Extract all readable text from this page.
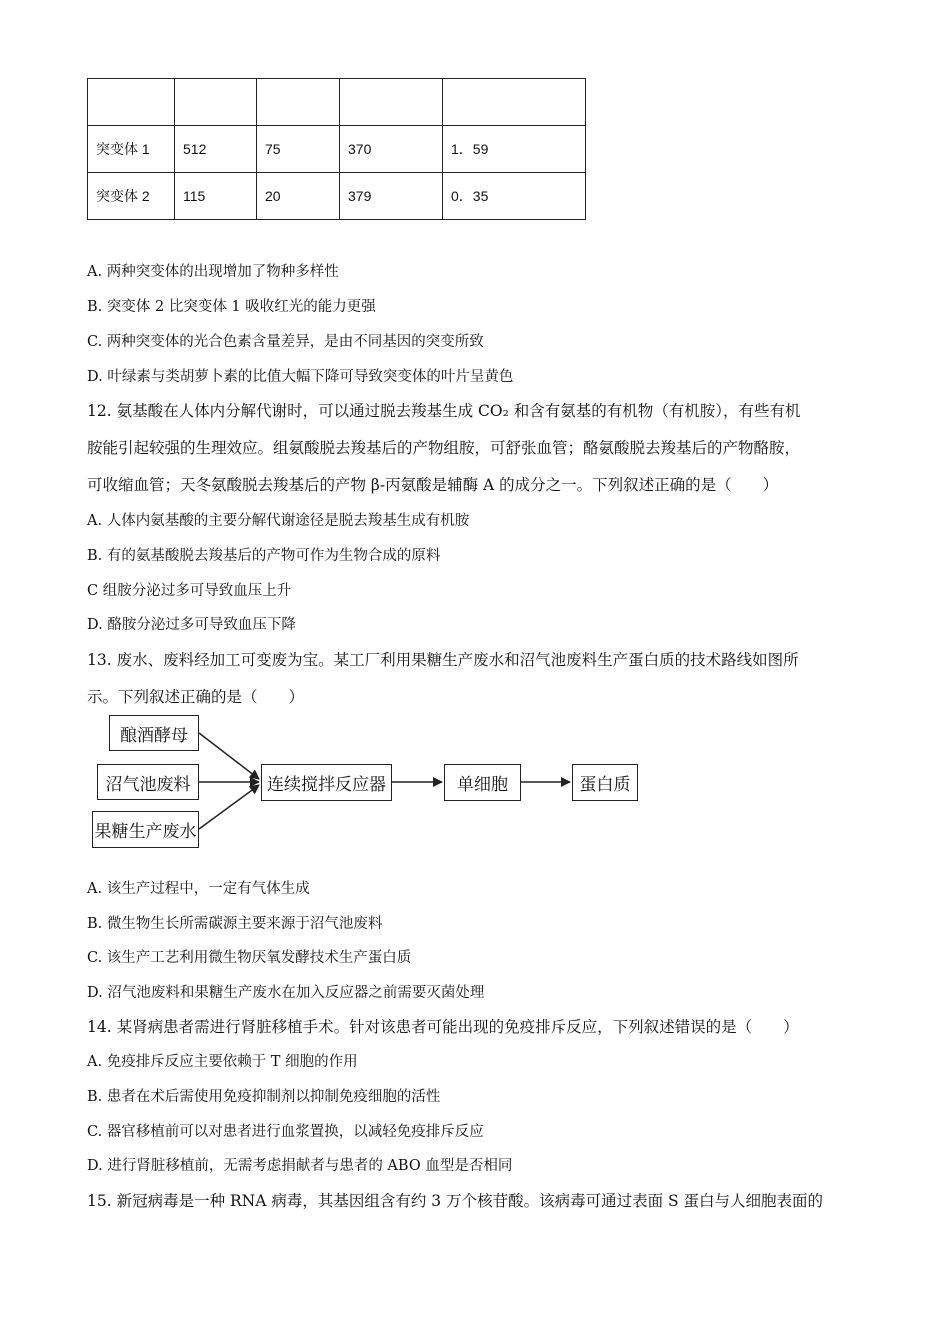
突变体 1	512	75	370	1．59
突变体 2	115	20	379	0．35
A. 两种突变体的出现增加了物种多样性
B. 突变体 2 比突变体 1 吸收红光的能力更强
C. 两种突变体的光合色素含量差异，是由不同基因的突变所致
D. 叶绿素与类胡萝卜素的比值大幅下降可导致突变体的叶片呈黄色
12. 氨基酸在人体内分解代谢时，可以通过脱去羧基生成 CO₂ 和含有氨基的有机物（有机胺），有些有机
胺能引起较强的生理效应。组氨酸脱去羧基后的产物组胺，可舒张血管；酪氨酸脱去羧基后的产物酪胺，
可收缩血管；天冬氨酸脱去羧基后的产物 β-丙氨酸是辅酶 A 的成分之一。下列叙述正确的是（　　）
A. 人体内氨基酸的主要分解代谢途径是脱去羧基生成有机胺
B. 有的氨基酸脱去羧基后的产物可作为生物合成的原料
C 组胺分泌过多可导致血压上升
D. 酪胺分泌过多可导致血压下降
13. 废水、废料经加工可变废为宝。某工厂利用果糖生产废水和沼气池废料生产蛋白质的技术路线如图所
示。下列叙述正确的是（　　）
酿酒酵母
沼气池废料
果糖生产废水
连续搅拌反应器	单细胞	蛋白质
A. 该生产过程中，一定有气体生成
B. 微生物生长所需碳源主要来源于沼气池废料
C. 该生产工艺利用微生物厌氧发酵技术生产蛋白质
D. 沼气池废料和果糖生产废水在加入反应器之前需要灭菌处理
14. 某肾病患者需进行肾脏移植手术。针对该患者可能出现的免疫排斥反应，下列叙述错误的是（　　）
A. 免疫排斥反应主要依赖于 T 细胞的作用
B. 患者在术后需使用免疫抑制剂以抑制免疫细胞的活性
C. 器官移植前可以对患者进行血浆置换，以减轻免疫排斥反应
D. 进行肾脏移植前，无需考虑捐献者与患者的 ABO 血型是否相同
15. 新冠病毒是一种 RNA 病毒，其基因组含有约 3 万个核苷酸。该病毒可通过表面 S 蛋白与人细胞表面的
